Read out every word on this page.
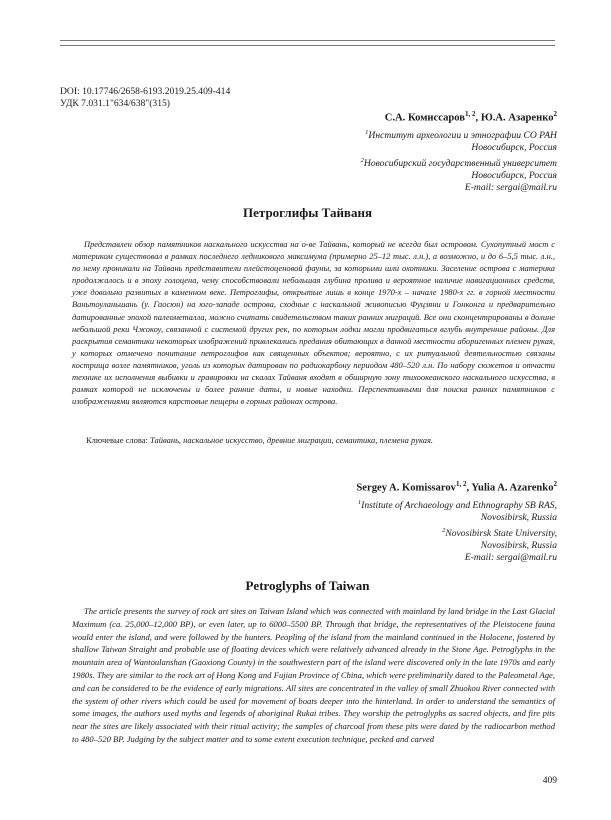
DOI: 10.17746/2658-6193.2019.25.409-414
УДК 7.031.1"634/638"(315)
С.А. Комиссаров$^{1, 2}$, Ю.А. Азаренко$^2$
$^1$Институт археологии и этнографии СО РАН
Новосибирск, Россия
$^2$Новосибирский государственный университет
Новосибирск, Россия
E-mail: sergai@mail.ru
Петроглифы Тайваня

Представлен обзор памятников наскального искусства на о-ве Тайвань, который не всегда был островом. Сухопутный мост с материком существовал в рамках последнего ледникового максимума (примерно 25–12 тыс. л.н.), а возможно, и до 6–5,5 тыс. л.н., по нему проникали на Тайвань представители плейстоценовой фауны, за которыми шли охотники. Заселение острова с материка продолжалось и в эпоху голоцена, чему способствовали небольшая глубина пролива и вероятное наличие навигационных средств, уже довольно развитых в каменном веке. Петроглифы, открытые лишь в конце 1970-х – начале 1980-х гг. в горной местности Ваньтоуланьшань (у. Гаосюн) на юго-западе острова, сходные с наскальной живописью Фуцзяни и Гонконга и предварительно датированные эпохой палеометалла, можно считать свидетельством таких ранних миграций. Все они сконцентрированы в долине небольшой реки Чжокоу, связанной с системой других рек, по которым лодки могли продвигаться вглубь внутренние районы. Для раскрытия семантики некоторых изображений привлекались предания обитающих в данной местности аборигенных племен рукая, у которых отмечено почитание петроглифов как священных объектов; вероятно, с их ритуальной деятельностью связаны кострища возле памятников, уголь из которых датирован по радиокарбону периодом 480–520 л.н. По набору сюжетов и отчасти технике их исполнения выбивки и гравировки на скалах Тайваня входят в обширную зону тихоокеанского наскального искусства, в рамках которой не исключены и более ранние даты, и новые находки. Перспективными для поиска ранних памятников с изображениями являются карстовые пещеры в горных районах острова.

Ключевые слова: Тайвань, наскальное искусство, древние миграции, семантика, племена рукая.
Sergey A. Komissarov$^{1, 2}$, Yulia A. Azarenko$^2$
$^1$Institute of Archaeology and Ethnography SB RAS,
Novosibirsk, Russia
$^2$Novosibirsk State University,
Novosibirsk, Russia
E-mail: sergai@mail.ru
Petroglyphs of Taiwan

The article presents the survey of rock art sites on Taiwan Island which was connected with mainland by land bridge in the Last Glacial Maximum (ca. 25,000–12,000 BP), or even later, up to 6000–5500 BP. Through that bridge, the representatives of the Pleistocene fauna would enter the island, and were followed by the hunters. Peopling of the island from the mainland continued in the Holocene, fostered by shallow Taiwan Straight and probable use of floating devices which were relatively advanced already in the Stone Age. Petroglyphs in the mountain area of Wantoulanshan (Gaoxiong County) in the southwestern part of the island were discovered only in the late 1970s and early 1980s. They are similar to the rock art of Hong Kong and Fujian Province of China, which were preliminarily dated to the Paleometal Age, and can be considered to be the evidence of early migrations. All sites are concentrated in the valley of small Zhuokou River connected with the system of other rivers which could be used for movement of boats deeper into the hinterland. In order to understand the semantics of some images, the authors used myths and legends of aboriginal Rukai tribes. They worship the petroglyphs as sacred objects, and fire pits near the sites are likely associated with their ritual activity; the samples of charcoal from these pits were dated by the radiocarbon method to 480–520 BP. Judging by the subject matter and to some extent execution technique, pecked and carved

409
